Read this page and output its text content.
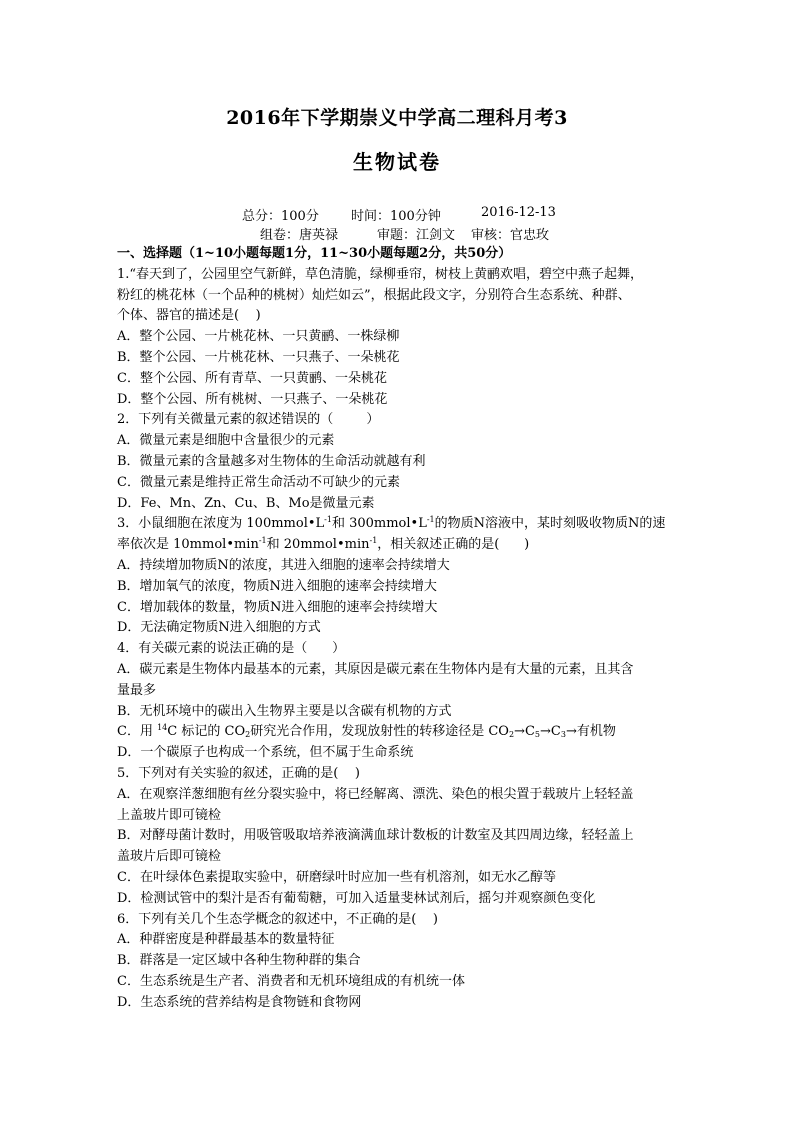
2016年下学期崇义中学高二理科月考3
生物试卷
总分：100分 时间：100分钟	2016-12-13
组卷：唐英禄	审题：江剑文 审核：官忠玫
一、选择题（1~10小题每题1分，11~30小题每题2分，共50分）
1.“春天到了，公园里空气新鲜，草色清脆，绿柳垂帘，树枝上黄鹂欢唱，碧空中燕子起舞，
粉红的桃花林（一个品种的桃树）灿烂如云”，根据此段文字，分别符合生态系统、种群、
个体、器官的描述是(    )
A．整个公园、一片桃花林、一只黄鹂、一株绿柳
B．整个公园、一片桃花林、一只燕子、一朵桃花
C．整个公园、所有青草、一只黄鹂、一朵桃花
D．整个公园、所有桃树、一只燕子、一朵桃花
2．下列有关微量元素的叙述错误的（        ）
A．微量元素是细胞中含量很少的元素
B．微量元素的含量越多对生物体的生命活动就越有利
C．微量元素是维持正常生命活动不可缺少的元素
D．Fe、Mn、Zn、Cu、B、Mo是微量元素
3．小鼠细胞在浓度为 $100mmol•L^{-1}$和 $300mmol•L^{-1}$的物质N溶液中，某时刻吸收物质N的速
率依次是 $10mmol•\min^{-1}$和 $20mmol•\min^{-1}$，相关叙述正确的是(      )
A．持续增加物质N的浓度，其进入细胞的速率会持续增大
B．增加氧气的浓度，物质N进入细胞的速率会持续增大
C．增加载体的数量，物质N进入细胞的速率会持续增大
D．无法确定物质N进入细胞的方式
4．有关碳元素的说法正确的是（      ）
A．碳元素是生物体内最基本的元素，其原因是碳元素在生物体内是有大量的元素，且其含
量最多
B．无机环境中的碳出入生物界主要是以含碳有机物的方式
C．用 $^{14}$C 标记的 $CO_2$研究光合作用，发现放射性的转移途径是 $CO_2\to C_5\to C_3\to$有机物
D．一个碳原子也构成一个系统，但不属于生命系统
5．下列对有关实验的叙述，正确的是(    )
A．在观察洋葱细胞有丝分裂实验中，将已经解离、漂洗、染色的根尖置于载玻片上轻轻盖
上盖玻片即可镜检
B．对酵母菌计数时，用吸管吸取培养液滴满血球计数板的计数室及其四周边缘，轻轻盖上
盖玻片后即可镜检
C．在叶绿体色素提取实验中，研磨绿叶时应加一些有机溶剂，如无水乙醇等
D．检测试管中的梨汁是否有葡萄糖，可加入适量斐林试剂后，摇匀并观察颜色变化
6．下列有关几个生态学概念的叙述中，不正确的是(    )
A．种群密度是种群最基本的数量特征
B．群落是一定区域中各种生物种群的集合
C．生态系统是生产者、消费者和无机环境组成的有机统一体
D．生态系统的营养结构是食物链和食物网
